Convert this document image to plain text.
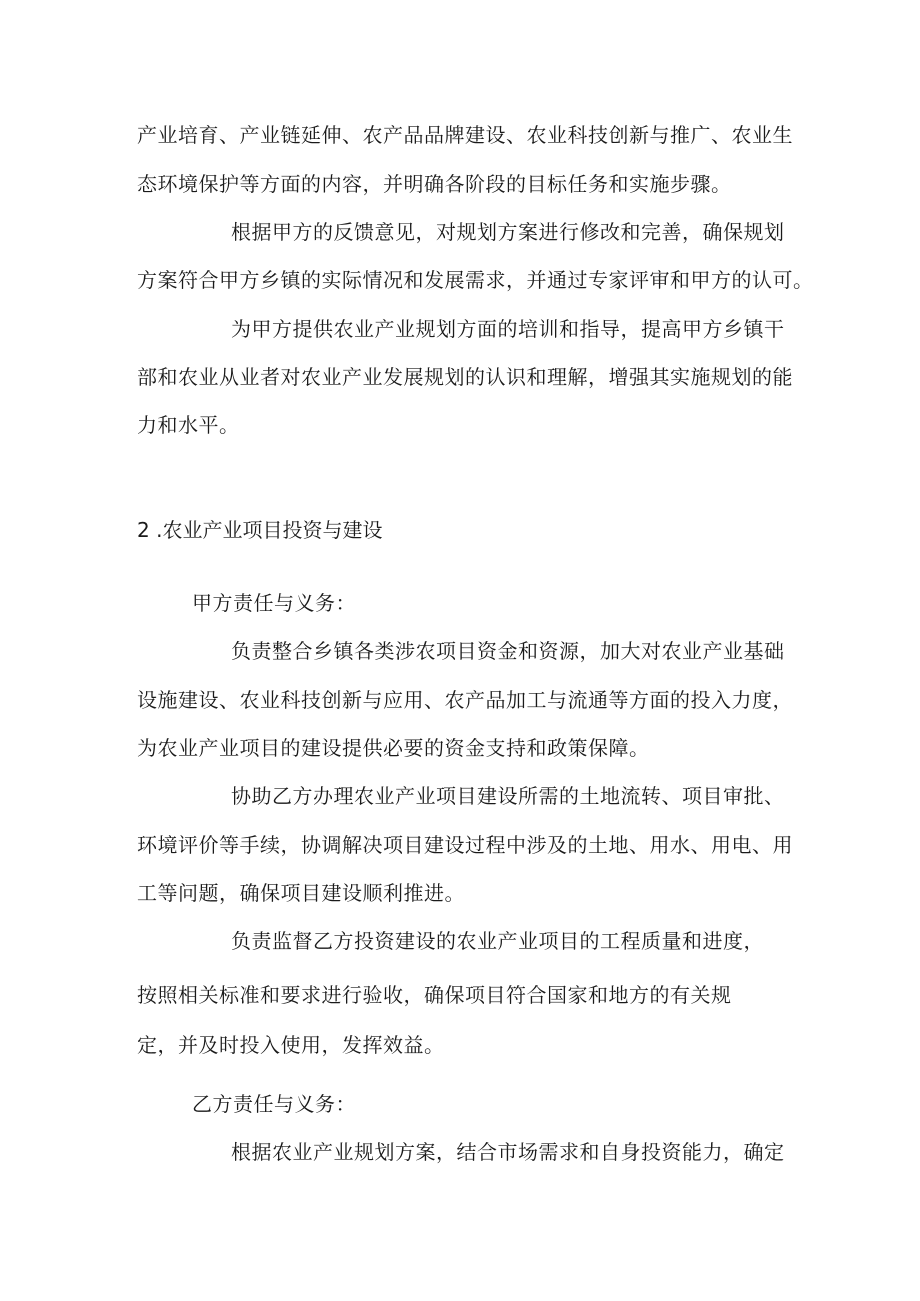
产业培育、产业链延伸、农产品品牌建设、农业科技创新与推广、农业生
态环境保护等方面的内容，并明确各阶段的目标任务和实施步骤。
根据甲方的反馈意见，对规划方案进行修改和完善，确保规划
方案符合甲方乡镇的实际情况和发展需求，并通过专家评审和甲方的认可。
为甲方提供农业产业规划方面的培训和指导，提高甲方乡镇干
部和农业从业者对农业产业发展规划的认识和理解，增强其实施规划的能
力和水平。
2 .农业产业项目投资与建设
甲方责任与义务：
负责整合乡镇各类涉农项目资金和资源，加大对农业产业基础
设施建设、农业科技创新与应用、农产品加工与流通等方面的投入力度，
为农业产业项目的建设提供必要的资金支持和政策保障。
协助乙方办理农业产业项目建设所需的土地流转、项目审批、
环境评价等手续，协调解决项目建设过程中涉及的土地、用水、用电、用
工等问题，确保项目建设顺利推进。
负责监督乙方投资建设的农业产业项目的工程质量和进度，
按照相关标准和要求进行验收，确保项目符合国家和地方的有关规
定，并及时投入使用，发挥效益。
乙方责任与义务：
根据农业产业规划方案，结合市场需求和自身投资能力，确定
